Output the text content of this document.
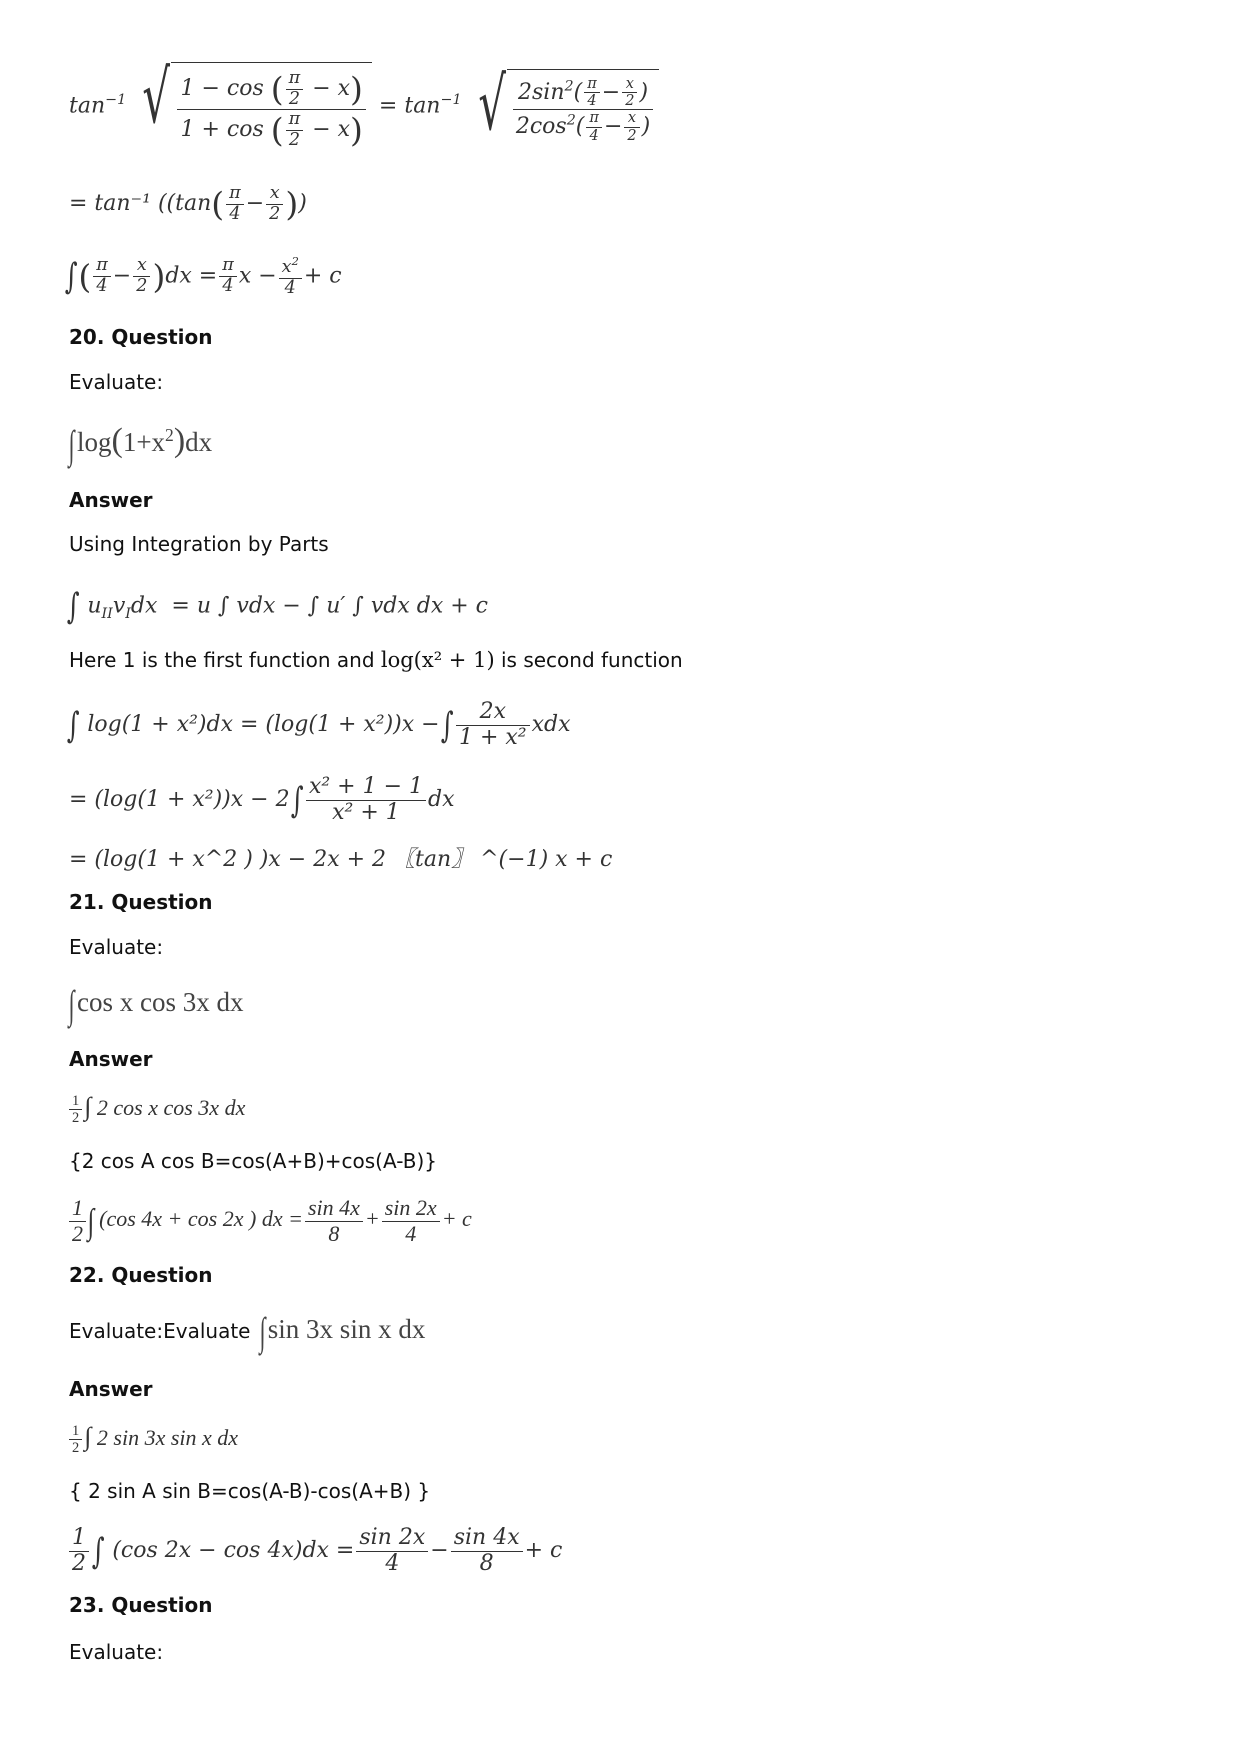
$\tan^{-1}$ √ $\frac{1 - \cos ( \frac{\pi}{2} - x)}{1 + \cos ( \frac{\pi}{2} - x)} = \tan^{-1}$ √ $\frac{2\sin^2( \frac{\pi}{4} - \frac{x}{2} )}{2\cos^2( \frac{\pi}{4} - \frac{x}{2} )}$
= tan⁻¹ (($\tan( \frac{\pi}{4} - \frac{x}{2}$ ))
∫( $\frac{\pi}{4} - \frac{x}{2} )dx = \frac{\pi}{4}$ $x - \frac{x^2}{4} + c$
20. Question
Evaluate:
$\int\log(1+x^2)dx$
Answer
Using Integration by Parts
∫ $u_{II}v_Idx = u$ ∫ vdx − ∫ u′ ∫ vdx dx + c
Here 1 is the first function and log(x² + 1) is second function
∫ log(1 + x²)dx = (log(1 + x²))x −∫ $\frac{2x}{\text{1 + x²}}$ xdx
= $(\log(1 + x^2))x - 2\int \frac{\text{x² + 1 − 1}}{\text{x² + 1}}$ dx
= (log(1 + x^2 ) )x − 2x + 2 〖tan〗 ^(−1) x + c
21. Question
Evaluate:
∫cos x cos 3x dx
Answer
$\frac{1}{2}$ ∫ 2 cos x cos 3x dx
{2 cos A cos B=cos(A+B)+cos(A-B)}
$\frac{1}{2}$ ∫ (cos 4x + cos 2x ) dx = $\frac{\sin 4x}{8} + \frac{\sin 2x}{4} + c$
22. Question
Evaluate:Evaluate ∫sin 3x sin x dx
Answer
$\frac{1}{2}$ ∫ 2 sin 3x sin x dx
{ 2 sin A sin B=cos(A-B)-cos(A+B) }
$\frac{1}{2}$ ∫ (cos $2x - \cos 4x)dx = \frac{\sin 2x}{4} - \frac{\sin 4x}{8} + c$
23. Question
Evaluate:
